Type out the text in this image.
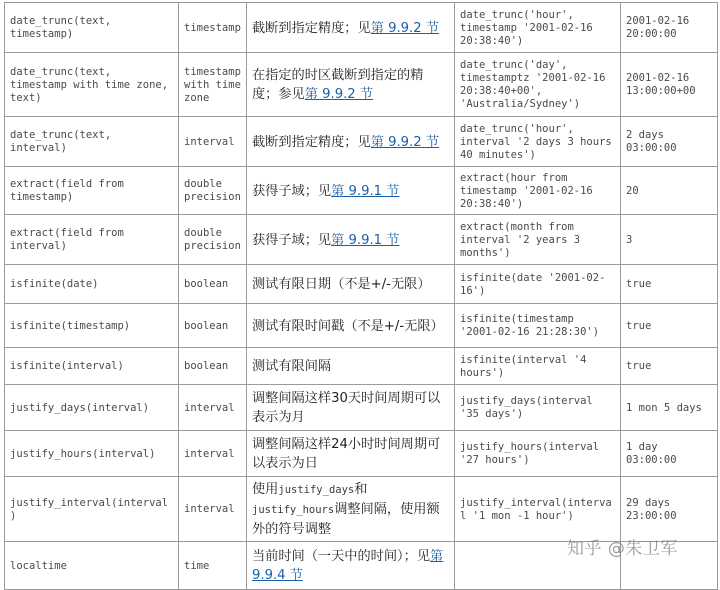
date_trunc(text, timestamp)	timestamp	截断到指定精度；见第 9.9.2 节	date_trunc('hour', timestamp '2001-02-16 20:38:40')	2001-02-16 20:00:00
date_trunc(text, timestamp with time zone, text)	timestamp with time zone	在指定的时区截断到指定的精度；参见第 9.9.2 节	date_trunc('day', timestamptz '2001-02-16 20:38:40+00', 'Australia/Sydney')	2001-02-16 13:00:00+00
date_trunc(text, interval)	interval	截断到指定精度；见第 9.9.2 节	date_trunc('hour', interval '2 days 3 hours 40 minutes')	2 days 03:00:00
extract(field from timestamp)	double precision	获得子域；见第 9.9.1 节	extract(hour from timestamp '2001-02-16 20:38:40')	20
extract(field from interval)	double precision	获得子域；见第 9.9.1 节	extract(month from interval '2 years 3 months')	3
isfinite(date)	boolean	测试有限日期（不是+/-无限）	isfinite(date '2001-02-16')	true
isfinite(timestamp)	boolean	测试有限时间戳（不是+/-无限）	isfinite(timestamp '2001-02-16 21:28:30')	true
isfinite(interval)	boolean	测试有限间隔	isfinite(interval '4 hours')	true
justify_days(interval)	interval	调整间隔这样30天时间周期可以表示为月	justify_days(interval '35 days')	1 mon 5 days
justify_hours(interval)	interval	调整间隔这样24小时时间周期可以表示为日	justify_hours(interval '27 hours')	1 day 03:00:00
justify_interval(interval)	interval	使用justify_days和justify_hours调整间隔，使用额外的符号调整	justify_interval(interval '1 mon -1 hour')	29 days 23:00:00
localtime	time	当前时间（一天中的时间）；见第 9.9.4 节		
知乎 @朱卫军
